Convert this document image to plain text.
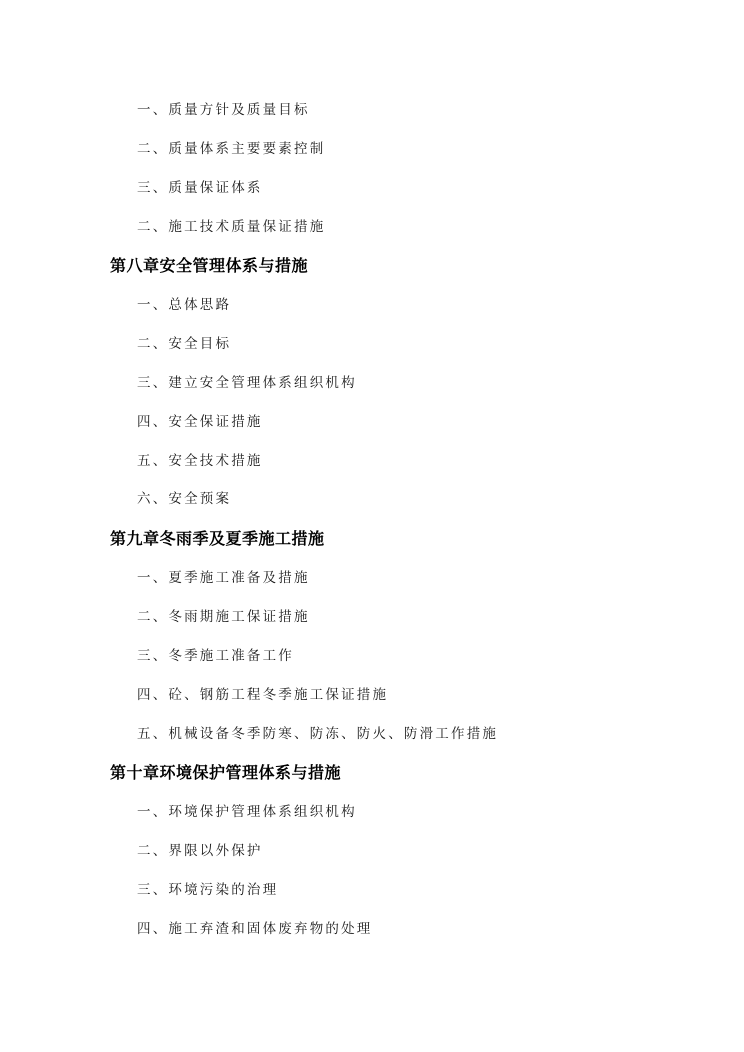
一、质量方针及质量目标
二、质量体系主要要素控制
三、质量保证体系
二、施工技术质量保证措施
第八章安全管理体系与措施
一、总体思路
二、安全目标
三、建立安全管理体系组织机构
四、安全保证措施
五、安全技术措施
六、安全预案
第九章冬雨季及夏季施工措施
一、夏季施工准备及措施
二、冬雨期施工保证措施
三、冬季施工准备工作
四、砼、钢筋工程冬季施工保证措施
五、机械设备冬季防寒、防冻、防火、防滑工作措施
第十章环境保护管理体系与措施
一、环境保护管理体系组织机构
二、界限以外保护
三、环境污染的治理
四、施工弃渣和固体废弃物的处理
